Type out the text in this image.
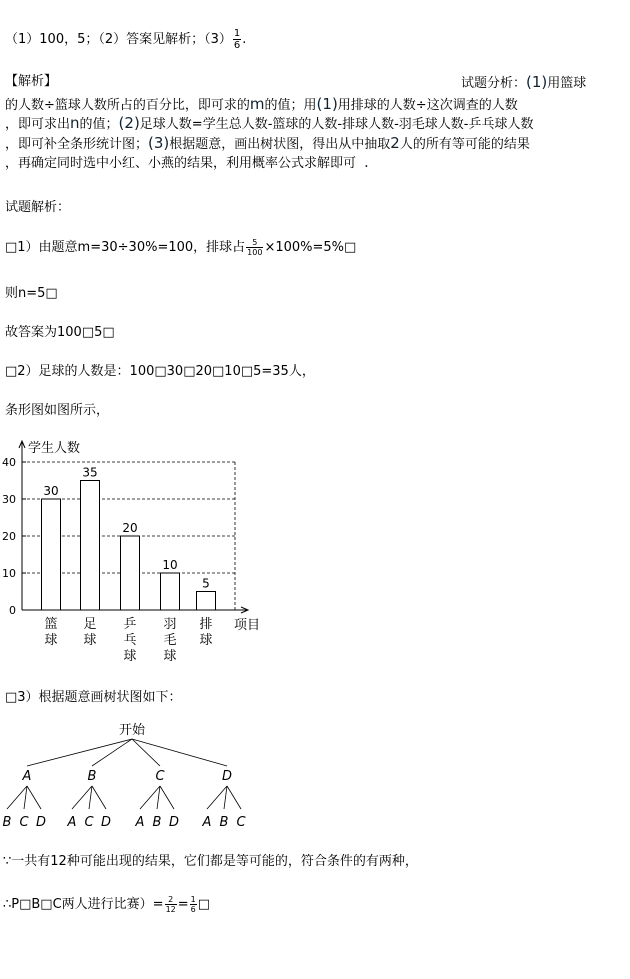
（1）100，5；（2）答案见解析；$(3) \frac{1}{6}$ .
【解析】	试题分析：(1)用篮球
的人数÷篮球人数所占的百分比，即可求的m的值；用(1)用排球的人数÷这次调查的人数
，即可求出n的值；(2)足球人数=学生总人数-篮球的人数-排球人数-羽毛球人数-乒乓球人数
，即可补全条形统计图；(3)根据题意，画出树状图，得出从中抽取2人的所有等可能的结果
，再确定同时选中小红、小燕的结果，利用概率公式求解即可 .
试题解析：
□1）由题意m=30÷30%=100，排球占 $\frac{5}{100}$ ×100%=5%□
则n=5□
故答案为100□5□
□2）足球的人数是：100□30□20□10□5=35人，
条形图如图所示，
学生人数
项目
0
10
20
30
40
30
篮
球
35
足
球
20
乒
乓
球
10
羽
毛
球
5
排
球
□3）根据题意画树状图如下：
开始
A
B C D
B
A C D
C
A B D
D
A B C
∵一共有12种可能出现的结果，它们都是等可能的，符合条件的有两种，
∴P□B□C两人进行比赛）= $\frac{2}{12} = \frac{1}{6}$ □
